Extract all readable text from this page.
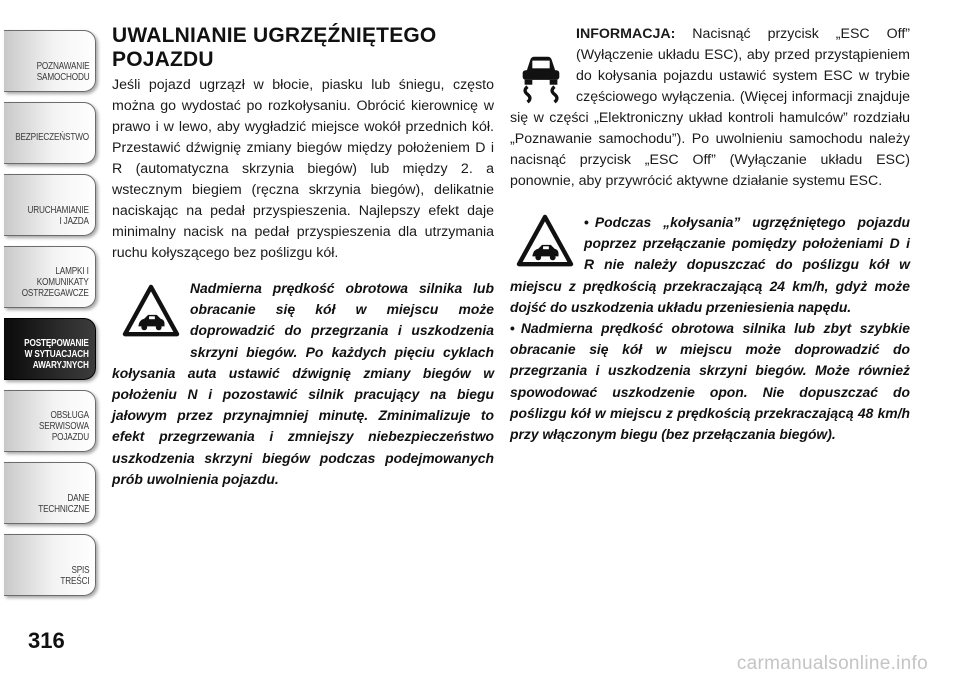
POZNAWANIE
SAMOCHODU
BEZPIECZEŃSTWO
URUCHAMIANIE
I JAZDA
LAMPKI I
KOMUNIKATY
OSTRZEGAWCZE
POSTĘPOWANIE
W SYTUACJACH
AWARYJNYCH
OBSŁUGA
SERWISOWA
POJAZDU
DANE
TECHNICZNE
SPIS
TREŚCI
316
carmanualsonline.info
UWALNIANIE UGRZĘŹNIĘTEGO
POJAZDU

Jeśli pojazd ugrzązł w błocie, piasku lub śniegu, często można go wydostać po rozkołysaniu. Obrócić kierownicę w prawo i w lewo, aby wygładzić miejsce wokół przednich kół. Przestawić dźwignię zmiany biegów między położeniem D i R (automatyczna skrzynia biegów) lub między 2. a wstecznym biegiem (ręczna skrzynia biegów), delikatnie naciskając na pedał przyspieszenia. Najlepszy efekt daje minimalny nacisk na pedał przyspieszenia dla utrzymania ruchu kołyszącego bez poślizgu kół.

Nadmierna prędkość obrotowa silnika lub obracanie się kół w miejscu może doprowadzić do przegrzania i uszkodzenia skrzyni biegów. Po każdych pięciu cyklach kołysania auta ustawić dźwignię zmiany biegów w położeniu N i pozostawić silnik pracujący na biegu jałowym przez przynajmniej minutę. Zminimalizuje to efekt przegrzewania i zmniejszy niebezpieczeństwo uszkodzenia skrzyni biegów podczas podejmowanych prób uwolnienia pojazdu.
INFORMACJA: Nacisnąć przycisk „ESC Off” (Wyłączenie układu ESC), aby przed przystąpieniem do kołysania pojazdu ustawić system ESC w trybie częściowego wyłączenia. (Więcej informacji znajduje się w części „Elektroniczny układ kontroli hamulców” rozdziału „Poznawanie samochodu”). Po uwolnieniu samochodu należy nacisnąć przycisk „ESC Off” (Wyłączanie układu ESC) ponownie, aby przywrócić aktywne działanie systemu ESC.
• Podczas „kołysania” ugrzęźniętego pojazdu poprzez przełączanie pomiędzy położeniami D i R nie należy dopuszczać do poślizgu kół w miejscu z prędkością przekraczającą 24 km/h, gdyż może dojść do uszkodzenia układu przeniesienia napędu.
• Nadmierna prędkość obrotowa silnika lub zbyt szybkie obracanie się kół w miejscu może doprowadzić do przegrzania i uszkodzenia skrzyni biegów. Może również spowodować uszkodzenie opon. Nie dopuszczać do poślizgu kół w miejscu z prędkością przekraczającą 48 km/h przy włączonym biegu (bez przełączania biegów).
